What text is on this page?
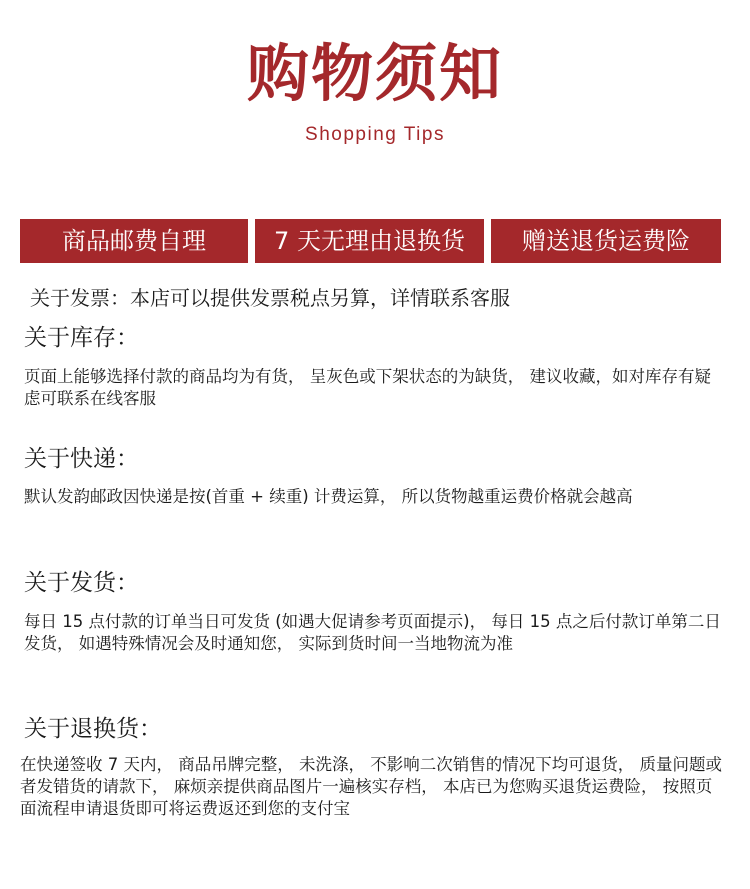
购物须知
Shopping Tips
商品邮费自理	7 天无理由退换货	赠送退货运费险
关于发票：本店可以提供发票税点另算，详情联系客服
关于库存：
页面上能够选择付款的商品均为有货， 呈灰色或下架状态的为缺货， 建议收藏，如对库存有疑虑可联系在线客服
关于快递：
默认发韵邮政因快递是按(首重 + 续重) 计费运算， 所以货物越重运费价格就会越高
关于发货：
每日 15 点付款的订单当日可发货 (如遇大促请参考页面提示)， 每日 15 点之后付款订单第二日发货， 如遇特殊情况会及时通知您， 实际到货时间一当地物流为准
关于退换货：
在快递签收 7 天内， 商品吊牌完整， 未洗涤， 不影响二次销售的情况下均可退货， 质量问题或者发错货的请款下， 麻烦亲提供商品图片一遍核实存档， 本店已为您购买退货运费险， 按照页面流程申请退货即可将运费返还到您的支付宝
